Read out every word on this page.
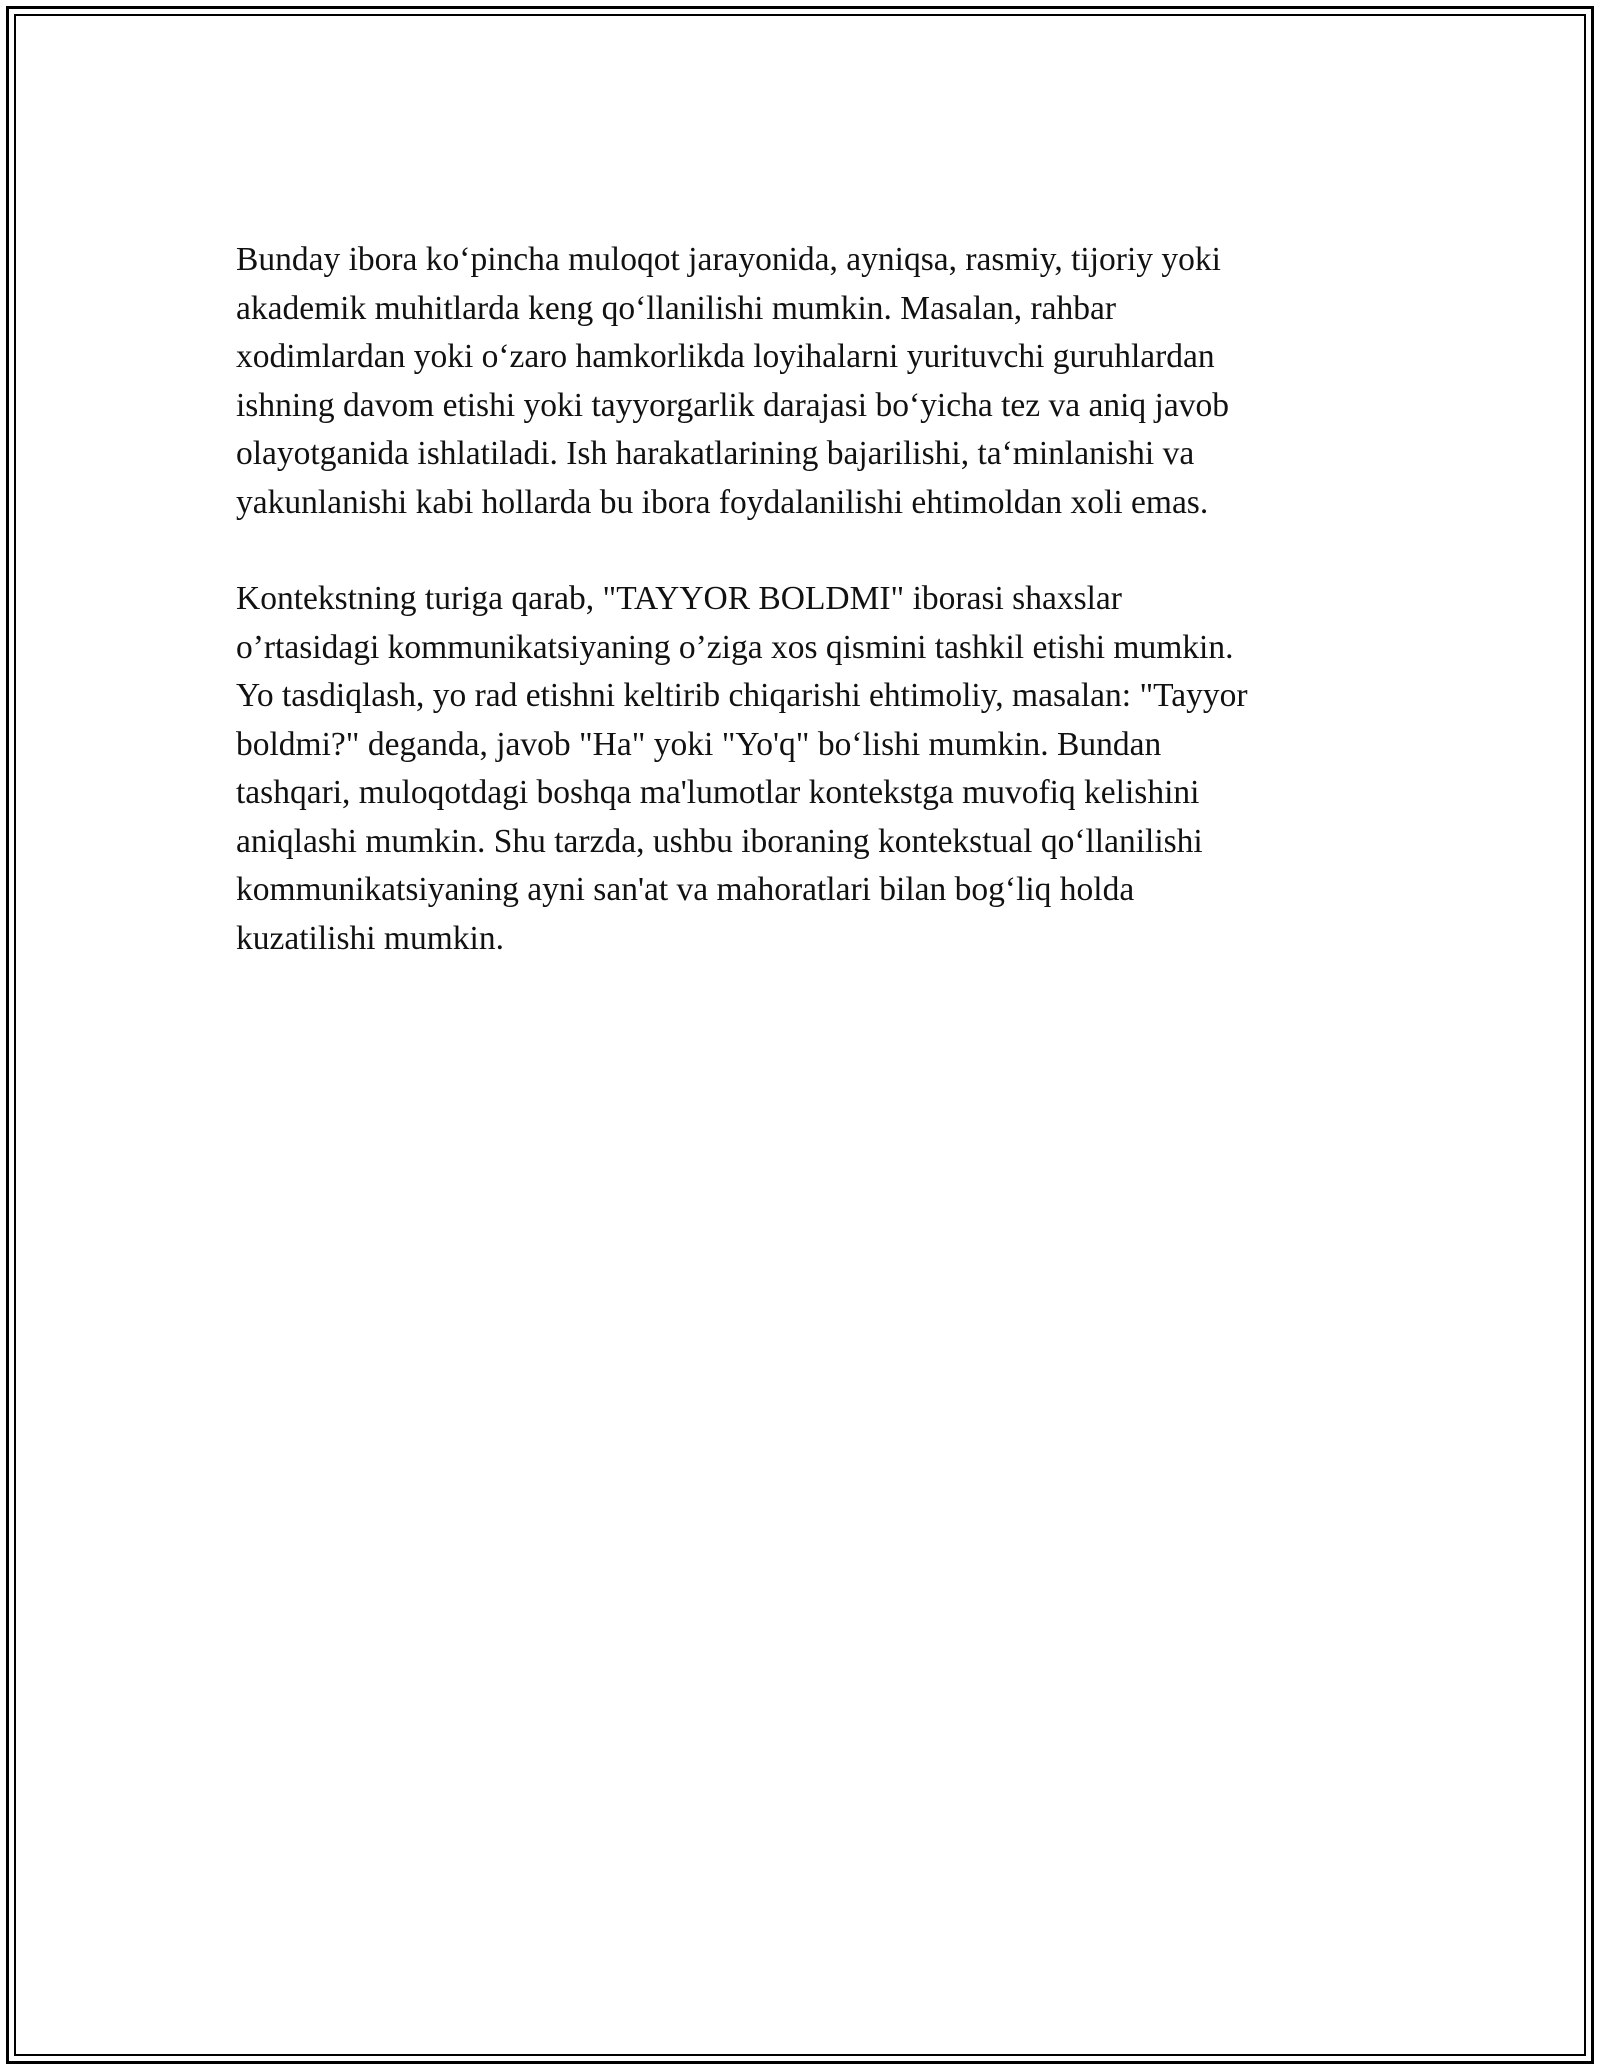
Bunday ibora ko‘pincha muloqot jarayonida, ayniqsa, rasmiy, tijoriy yoki
akademik muhitlarda keng qo‘llanilishi mumkin. Masalan, rahbar
xodimlardan yoki o‘zaro hamkorlikda loyihalarni yurituvchi guruhlardan
ishning davom etishi yoki tayyorgarlik darajasi bo‘yicha tez va aniq javob
olayotganida ishlatiladi. Ish harakatlarining bajarilishi, ta‘minlanishi va
yakunlanishi kabi hollarda bu ibora foydalanilishi ehtimoldan xoli emas.

Kontekstning turiga qarab, "TAYYOR BOLDMI" iborasi shaxslar
o’rtasidagi kommunikatsiyaning o’ziga xos qismini tashkil etishi mumkin.
Yo tasdiqlash, yo rad etishni keltirib chiqarishi ehtimoliy, masalan: "Tayyor
boldmi?" deganda, javob "Ha" yoki "Yo'q" bo‘lishi mumkin. Bundan
tashqari, muloqotdagi boshqa ma'lumotlar kontekstga muvofiq kelishini
aniqlashi mumkin. Shu tarzda, ushbu iboraning kontekstual qo‘llanilishi
kommunikatsiyaning ayni san'at va mahoratlari bilan bog‘liq holda
kuzatilishi mumkin.
